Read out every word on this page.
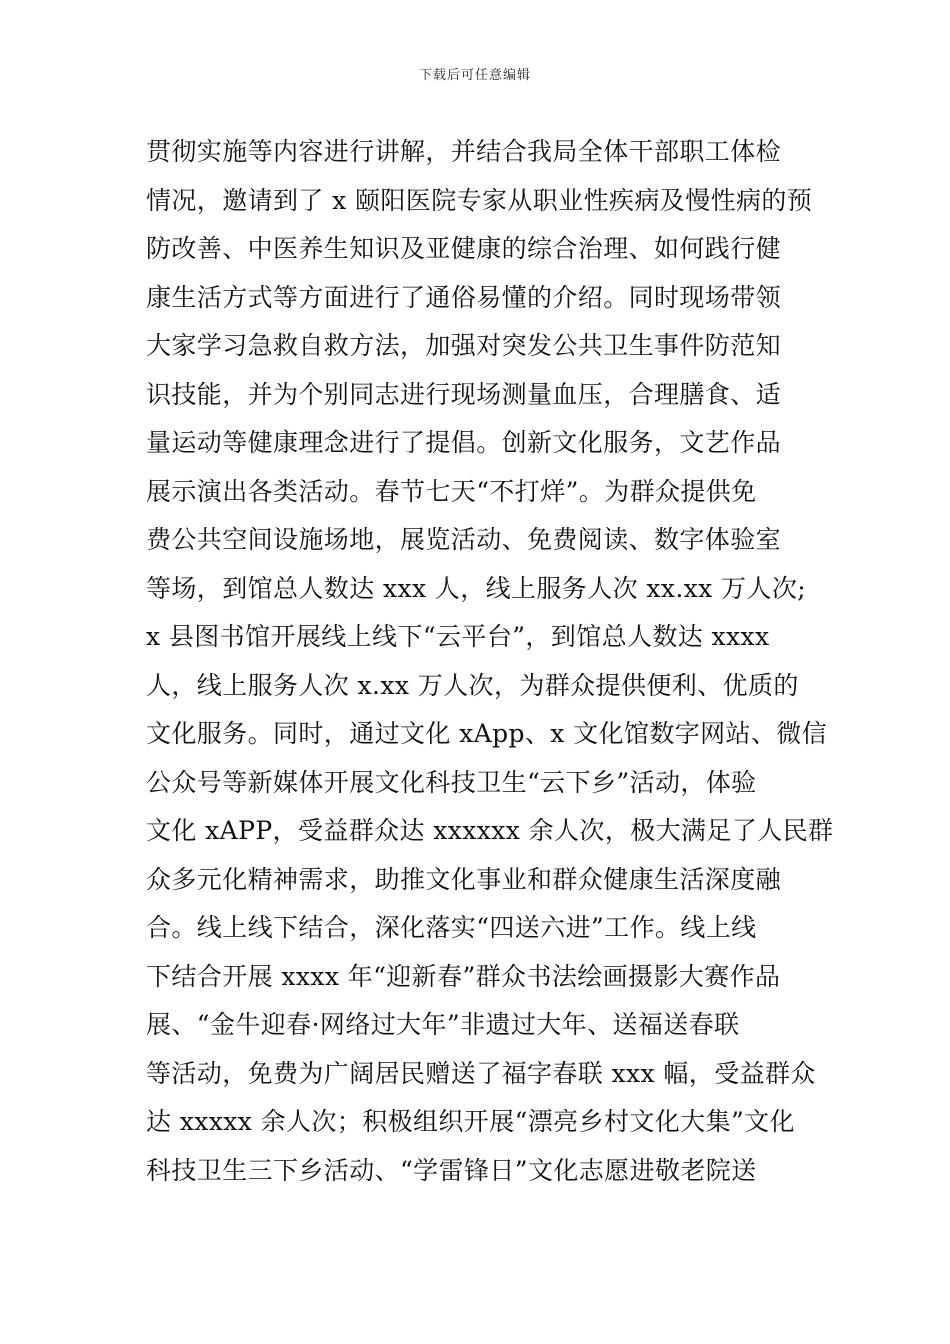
下载后可任意编辑
贯彻实施等内容进行讲解，并结合我局全体干部职工体检
情况，邀请到了 x 颐阳医院专家从职业性疾病及慢性病的预
防改善、中医养生知识及亚健康的综合治理、如何践行健
康生活方式等方面进行了通俗易懂的介绍。同时现场带领
大家学习急救自救方法，加强对突发公共卫生事件防范知
识技能，并为个别同志进行现场测量血压，合理膳食、适
量运动等健康理念进行了提倡。创新文化服务，文艺作品
展示演出各类活动。春节七天“不打烊”。为群众提供免
费公共空间设施场地，展览活动、免费阅读、数字体验室
等场，到馆总人数达 xxx 人，线上服务人次 xx.xx 万人次;
x 县图书馆开展线上线下“云平台”，到馆总人数达 xxxx
人，线上服务人次 x.xx 万人次，为群众提供便利、优质的
文化服务。同时，通过文化 xApp、x 文化馆数字网站、微信
公众号等新媒体开展文化科技卫生“云下乡”活动，体验
文化 xAPP，受益群众达 xxxxxx 余人次，极大满足了人民群
众多元化精神需求，助推文化事业和群众健康生活深度融
合。线上线下结合，深化落实“四送六进”工作。线上线
下结合开展 xxxx 年“迎新春”群众书法绘画摄影大赛作品
展、“金牛迎春·网络过大年”非遗过大年、送福送春联
等活动，免费为广阔居民赠送了福字春联 xxx 幅，受益群众
达 xxxxx 余人次；积极组织开展“漂亮乡村文化大集”文化
科技卫生三下乡活动、“学雷锋日”文化志愿进敬老院送
